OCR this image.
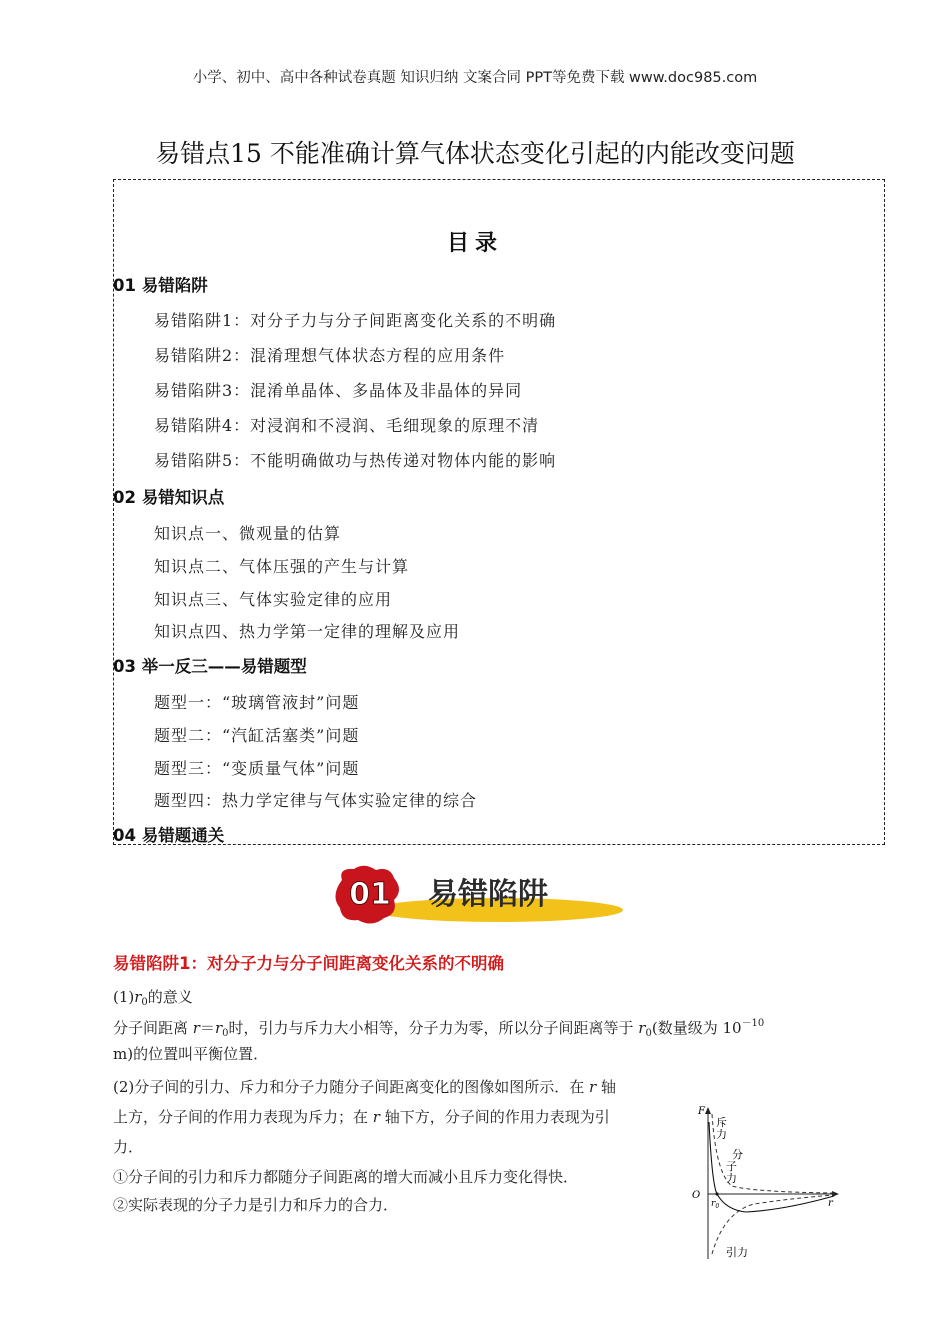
小学、初中、高中各种试卷真题 知识归纳 文案合同 PPT等免费下载 www.doc985.com
易错点15 不能准确计算气体状态变化引起的内能改变问题
目录
01 易错陷阱
易错陷阱1：对分子力与分子间距离变化关系的不明确
易错陷阱2：混淆理想气体状态方程的应用条件
易错陷阱3：混淆单晶体、多晶体及非晶体的异同
易错陷阱4：对浸润和不浸润、毛细现象的原理不清
易错陷阱5：不能明确做功与热传递对物体内能的影响
02 易错知识点
知识点一、微观量的估算
知识点二、气体压强的产生与计算
知识点三、气体实验定律的应用
知识点四、热力学第一定律的理解及应用
03 举一反三——易错题型
题型一：“玻璃管液封”问题
题型二：“汽缸活塞类”问题
题型三：“变质量气体”问题
题型四：热力学定律与气体实验定律的综合
04 易错题通关
01 易错陷阱
易错陷阱1：对分子力与分子间距离变化关系的不明确
$(1)r_0$的意义
分子间距离 $r=r_0$时，引力与斥力大小相等，分子力为零，所以分子间距离等于 $r_0$(数量级为 $10^{-10}$
m)的位置叫平衡位置．
(2)分子间的引力、斥力和分子力随分子间距离变化的图像如图所示．在 r 轴
上方，分子间的作用力表现为斥力；在 r 轴下方，分子间的作用力表现为引
力．
①分子间的引力和斥力都随分子间距离的增大而减小且斥力变化得快．
②实际表现的分子力是引力和斥力的合力．
F
r
O
$r_0$
斥
力
分
子
力
引力
